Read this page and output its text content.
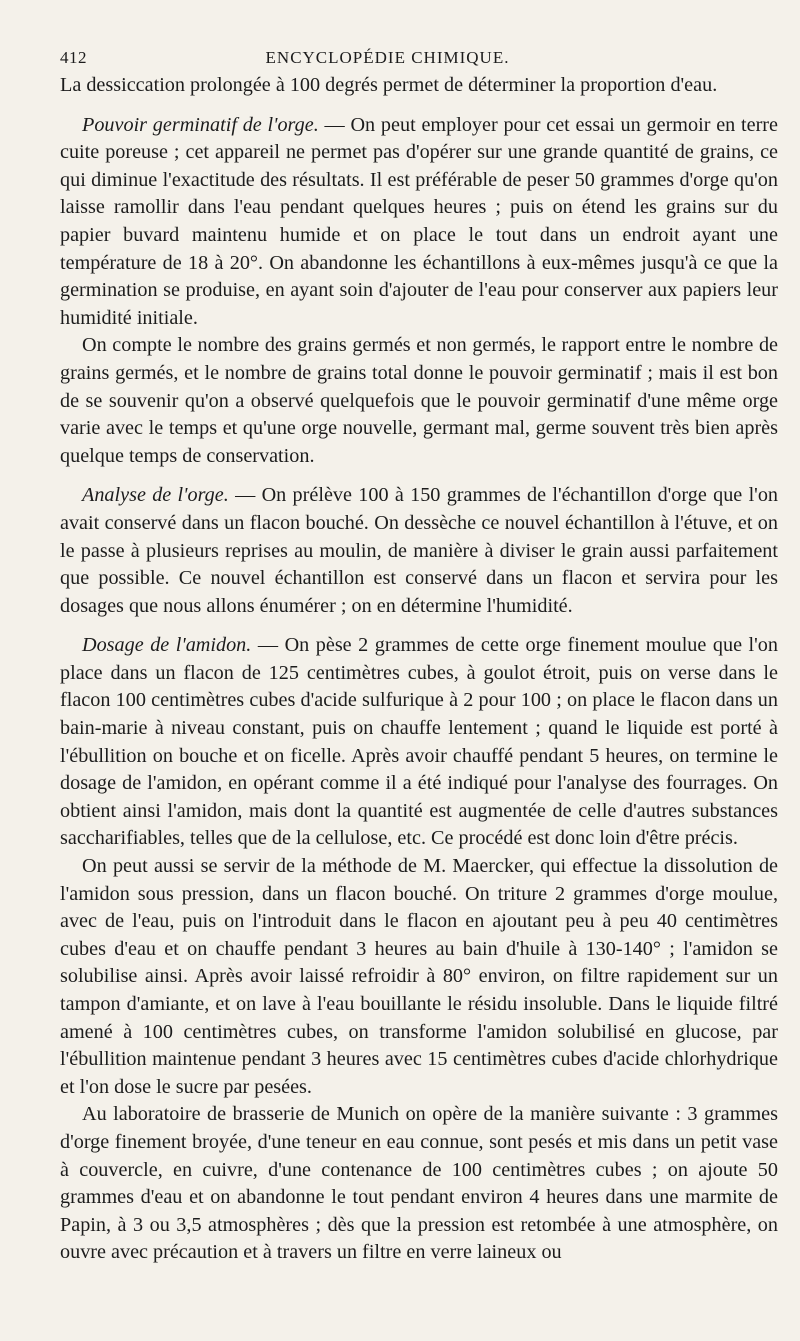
412	ENCYCLOPÉDIE CHIMIQUE.

La dessiccation prolongée à 100 degrés permet de déterminer la proportion d'eau.

Pouvoir germinatif de l'orge. — On peut employer pour cet essai un germoir en terre cuite poreuse ; cet appareil ne permet pas d'opérer sur une grande quantité de grains, ce qui diminue l'exactitude des résultats. Il est préférable de peser 50 grammes d'orge qu'on laisse ramollir dans l'eau pendant quelques heures ; puis on étend les grains sur du papier buvard maintenu humide et on place le tout dans un endroit ayant une température de 18 à 20°. On abandonne les échantillons à eux-mêmes jusqu'à ce que la germination se produise, en ayant soin d'ajouter de l'eau pour conserver aux papiers leur humidité initiale.

On compte le nombre des grains germés et non germés, le rapport entre le nombre de grains germés, et le nombre de grains total donne le pouvoir germinatif ; mais il est bon de se souvenir qu'on a observé quelquefois que le pouvoir germinatif d'une même orge varie avec le temps et qu'une orge nouvelle, germant mal, germe souvent très bien après quelque temps de conservation.

Analyse de l'orge. — On prélève 100 à 150 grammes de l'échantillon d'orge que l'on avait conservé dans un flacon bouché. On dessèche ce nouvel échantillon à l'étuve, et on le passe à plusieurs reprises au moulin, de manière à diviser le grain aussi parfaitement que possible. Ce nouvel échantillon est conservé dans un flacon et servira pour les dosages que nous allons énumérer ; on en détermine l'humidité.

Dosage de l'amidon. — On pèse 2 grammes de cette orge finement moulue que l'on place dans un flacon de 125 centimètres cubes, à goulot étroit, puis on verse dans le flacon 100 centimètres cubes d'acide sulfurique à 2 pour 100 ; on place le flacon dans un bain-marie à niveau constant, puis on chauffe lentement ; quand le liquide est porté à l'ébullition on bouche et on ficelle. Après avoir chauffé pendant 5 heures, on termine le dosage de l'amidon, en opérant comme il a été indiqué pour l'analyse des fourrages. On obtient ainsi l'amidon, mais dont la quantité est augmentée de celle d'autres substances saccharifiables, telles que de la cellulose, etc. Ce procédé est donc loin d'être précis.

On peut aussi se servir de la méthode de M. Maercker, qui effectue la dissolution de l'amidon sous pression, dans un flacon bouché. On triture 2 grammes d'orge moulue, avec de l'eau, puis on l'introduit dans le flacon en ajoutant peu à peu 40 centimètres cubes d'eau et on chauffe pendant 3 heures au bain d'huile à 130-140° ; l'amidon se solubilise ainsi. Après avoir laissé refroidir à 80° environ, on filtre rapidement sur un tampon d'amiante, et on lave à l'eau bouillante le résidu insoluble. Dans le liquide filtré amené à 100 centimètres cubes, on transforme l'amidon solubilisé en glucose, par l'ébullition maintenue pendant 3 heures avec 15 centimètres cubes d'acide chlorhydrique et l'on dose le sucre par pesées.

Au laboratoire de brasserie de Munich on opère de la manière suivante : 3 grammes d'orge finement broyée, d'une teneur en eau connue, sont pesés et mis dans un petit vase à couvercle, en cuivre, d'une contenance de 100 centimètres cubes ; on ajoute 50 grammes d'eau et on abandonne le tout pendant environ 4 heures dans une marmite de Papin, à 3 ou 3,5 atmosphères ; dès que la pression est retombée à une atmosphère, on ouvre avec précaution et à travers un filtre en verre laineux ou
